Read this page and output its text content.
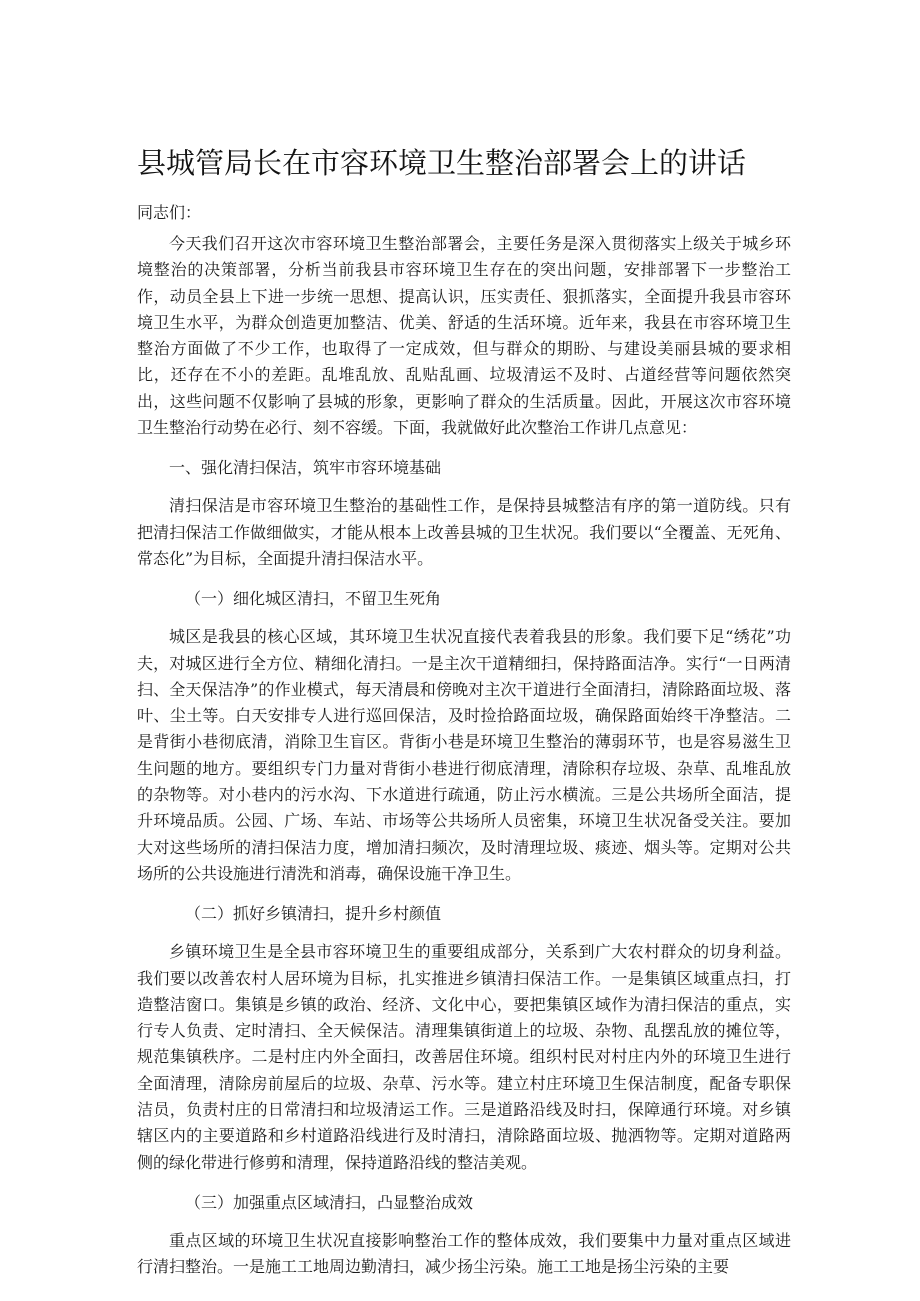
县城管局长在市容环境卫生整治部署会上的讲话

同志们：

今天我们召开这次市容环境卫生整治部署会，主要任务是深入贯彻落实上级关于城乡环境整治的决策部署，分析当前我县市容环境卫生存在的突出问题，安排部署下一步整治工作，动员全县上下进一步统一思想、提高认识，压实责任、狠抓落实，全面提升我县市容环境卫生水平，为群众创造更加整洁、优美、舒适的生活环境。近年来，我县在市容环境卫生整治方面做了不少工作，也取得了一定成效，但与群众的期盼、与建设美丽县城的要求相比，还存在不小的差距。乱堆乱放、乱贴乱画、垃圾清运不及时、占道经营等问题依然突出，这些问题不仅影响了县城的形象，更影响了群众的生活质量。因此，开展这次市容环境卫生整治行动势在必行、刻不容缓。下面，我就做好此次整治工作讲几点意见：

一、强化清扫保洁，筑牢市容环境基础

清扫保洁是市容环境卫生整治的基础性工作，是保持县城整洁有序的第一道防线。只有把清扫保洁工作做细做实，才能从根本上改善县城的卫生状况。我们要以“全覆盖、无死角、常态化”为目标，全面提升清扫保洁水平。

（一）细化城区清扫，不留卫生死角

城区是我县的核心区域，其环境卫生状况直接代表着我县的形象。我们要下足“绣花”功夫，对城区进行全方位、精细化清扫。一是主次干道精细扫，保持路面洁净。实行“一日两清扫、全天保洁净”的作业模式，每天清晨和傍晚对主次干道进行全面清扫，清除路面垃圾、落叶、尘土等。白天安排专人进行巡回保洁，及时捡拾路面垃圾，确保路面始终干净整洁。二是背街小巷彻底清，消除卫生盲区。背街小巷是环境卫生整治的薄弱环节，也是容易滋生卫生问题的地方。要组织专门力量对背街小巷进行彻底清理，清除积存垃圾、杂草、乱堆乱放的杂物等。对小巷内的污水沟、下水道进行疏通，防止污水横流。三是公共场所全面洁，提升环境品质。公园、广场、车站、市场等公共场所人员密集，环境卫生状况备受关注。要加大对这些场所的清扫保洁力度，增加清扫频次，及时清理垃圾、痰迹、烟头等。定期对公共场所的公共设施进行清洗和消毒，确保设施干净卫生。

（二）抓好乡镇清扫，提升乡村颜值

乡镇环境卫生是全县市容环境卫生的重要组成部分，关系到广大农村群众的切身利益。我们要以改善农村人居环境为目标，扎实推进乡镇清扫保洁工作。一是集镇区域重点扫，打造整洁窗口。集镇是乡镇的政治、经济、文化中心，要把集镇区域作为清扫保洁的重点，实行专人负责、定时清扫、全天候保洁。清理集镇街道上的垃圾、杂物、乱摆乱放的摊位等，规范集镇秩序。二是村庄内外全面扫，改善居住环境。组织村民对村庄内外的环境卫生进行全面清理，清除房前屋后的垃圾、杂草、污水等。建立村庄环境卫生保洁制度，配备专职保洁员，负责村庄的日常清扫和垃圾清运工作。三是道路沿线及时扫，保障通行环境。对乡镇辖区内的主要道路和乡村道路沿线进行及时清扫，清除路面垃圾、抛洒物等。定期对道路两侧的绿化带进行修剪和清理，保持道路沿线的整洁美观。

（三）加强重点区域清扫，凸显整治成效

重点区域的环境卫生状况直接影响整治工作的整体成效，我们要集中力量对重点区域进行清扫整治。一是施工工地周边勤清扫，减少扬尘污染。施工工地是扬尘污染的主要
